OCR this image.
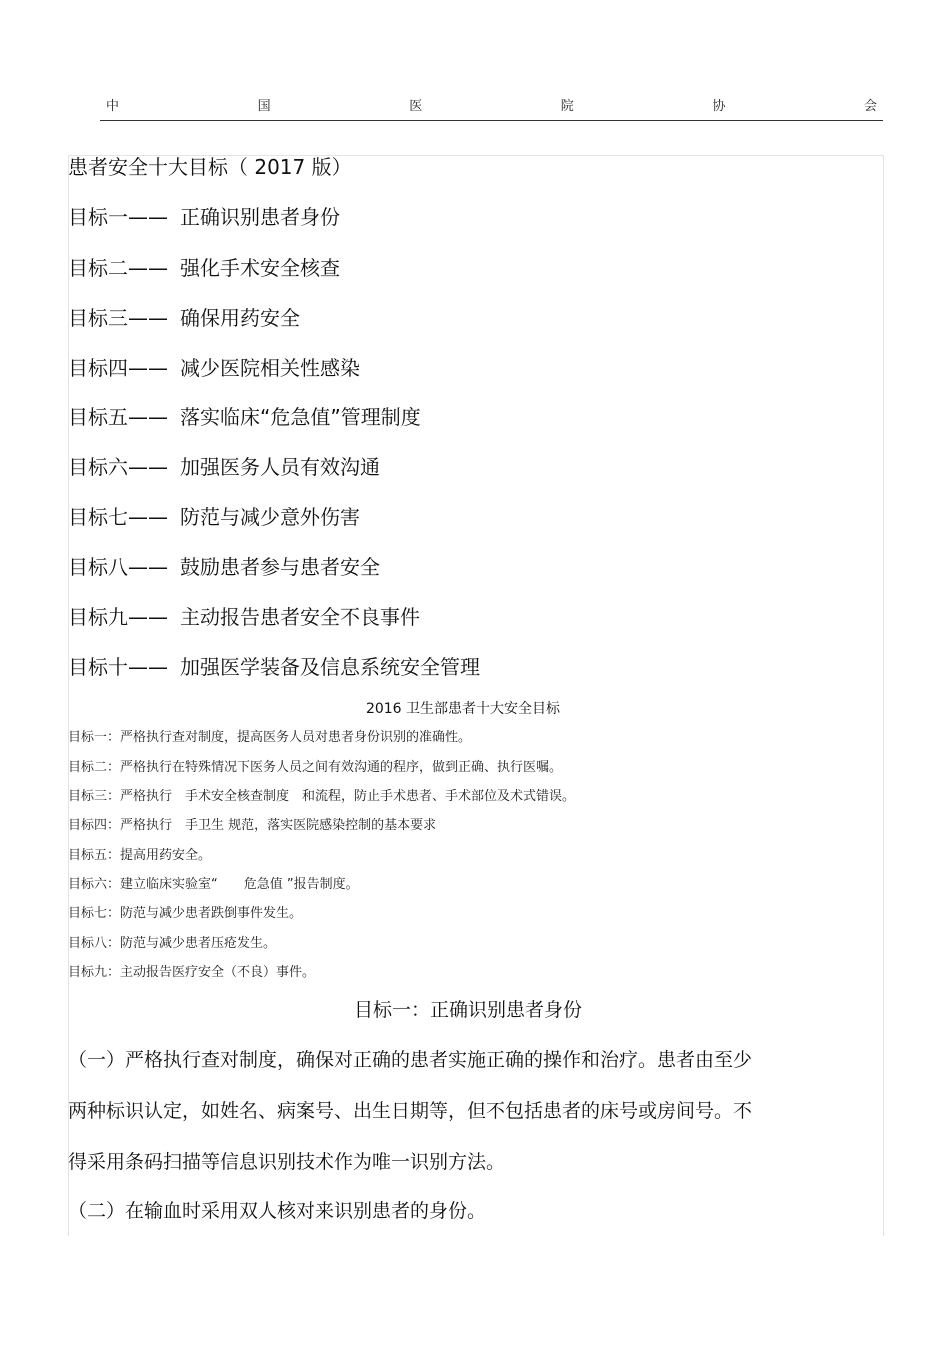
中	国	医	院	协	会
患者安全十大目标（ 2017 版）
目标一—— 正确识别患者身份
目标二—— 强化手术安全核查
目标三—— 确保用药安全
目标四—— 减少医院相关性感染
目标五—— 落实临床“危急值”管理制度
目标六—— 加强医务人员有效沟通
目标七—— 防范与减少意外伤害
目标八—— 鼓励患者参与患者安全
目标九—— 主动报告患者安全不良事件
目标十—— 加强医学装备及信息系统安全管理
2016 卫生部患者十大安全目标
目标一：严格执行查对制度，提高医务人员对患者身份识别的准确性。
目标二：严格执行在特殊情况下医务人员之间有效沟通的程序，做到正确、执行医嘱。
目标三：严格执行　手术安全核查制度　和流程，防止手术患者、手术部位及术式错误。
目标四：严格执行　手卫生 规范，落实医院感染控制的基本要求
目标五：提高用药安全。
目标六：建立临床实验室“　　危急值 ”报告制度。
目标七：防范与减少患者跌倒事件发生。
目标八：防范与减少患者压疮发生。
目标九：主动报告医疗安全（不良）事件。
目标一：正确识别患者身份
（一）严格执行查对制度，确保对正确的患者实施正确的操作和治疗。患者由至少
两种标识认定，如姓名、病案号、出生日期等，但不包括患者的床号或房间号。不
得采用条码扫描等信息识别技术作为唯一识别方法。
（二）在输血时采用双人核对来识别患者的身份。
